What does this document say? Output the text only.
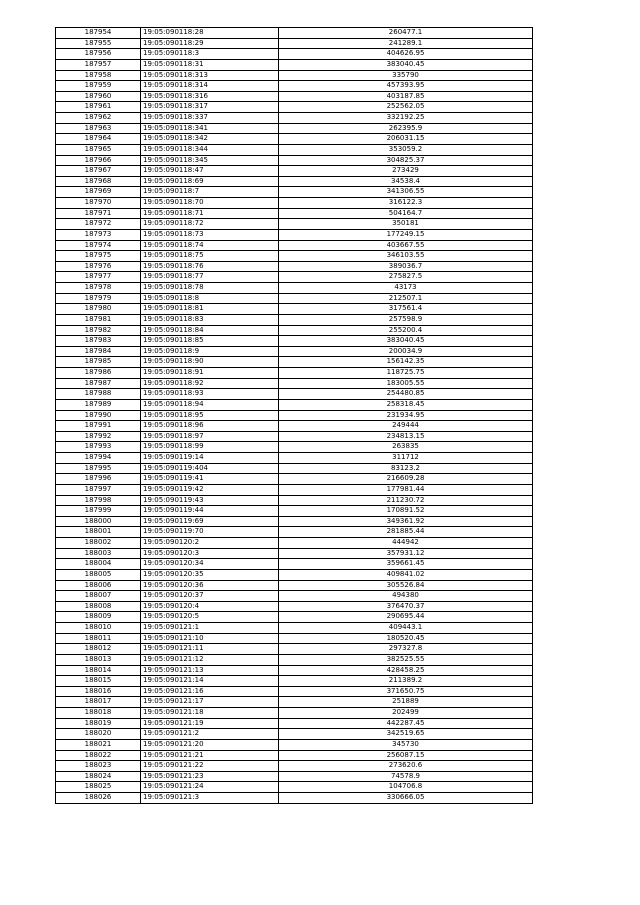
187954	19:05:090118:28	260477.1
187955	19:05:090118:29	241289.1
187956	19:05:090118:3	404626.95
187957	19:05:090118:31	383040.45
187958	19:05:090118:313	335790
187959	19:05:090118:314	457393.95
187960	19:05:090118:316	403187.85
187961	19:05:090118:317	252562.05
187962	19:05:090118:337	332192.25
187963	19:05:090118:341	262395.9
187964	19:05:090118:342	206031.15
187965	19:05:090118:344	353059.2
187966	19:05:090118:345	304825.37
187967	19:05:090118:47	273429
187968	19:05:090118:69	34538.4
187969	19:05:090118:7	341306.55
187970	19:05:090118:70	316122.3
187971	19:05:090118:71	504164.7
187972	19:05:090118:72	350181
187973	19:05:090118:73	177249.15
187974	19:05:090118:74	403667.55
187975	19:05:090118:75	346103.55
187976	19:05:090118:76	389036.7
187977	19:05:090118:77	275827.5
187978	19:05:090118:78	43173
187979	19:05:090118:8	212507.1
187980	19:05:090118:81	317561.4
187981	19:05:090118:83	257598.9
187982	19:05:090118:84	255200.4
187983	19:05:090118:85	383040.45
187984	19:05:090118:9	200034.9
187985	19:05:090118:90	156142.35
187986	19:05:090118:91	118725.75
187987	19:05:090118:92	183005.55
187988	19:05:090118:93	254480.85
187989	19:05:090118:94	258318.45
187990	19:05:090118:95	231934.95
187991	19:05:090118:96	249444
187992	19:05:090118:97	234813.15
187993	19:05:090118:99	263835
187994	19:05:090119:14	311712
187995	19:05:090119:404	83123.2
187996	19:05:090119:41	216609.28
187997	19:05:090119:42	177981.44
187998	19:05:090119:43	211230.72
187999	19:05:090119:44	170891.52
188000	19:05:090119:69	349361.92
188001	19:05:090119:70	281885.44
188002	19:05:090120:2	444942
188003	19:05:090120:3	357931.12
188004	19:05:090120:34	359661.45
188005	19:05:090120:35	409841.02
188006	19:05:090120:36	305526.84
188007	19:05:090120:37	494380
188008	19:05:090120:4	376470.37
188009	19:05:090120:5	290695.44
188010	19:05:090121:1	409443.1
188011	19:05:090121:10	180520.45
188012	19:05:090121:11	297327.8
188013	19:05:090121:12	382525.55
188014	19:05:090121:13	428458.25
188015	19:05:090121:14	211389.2
188016	19:05:090121:16	371650.75
188017	19:05:090121:17	251889
188018	19:05:090121:18	202499
188019	19:05:090121:19	442287.45
188020	19:05:090121:2	342519.65
188021	19:05:090121:20	345730
188022	19:05:090121:21	256087.15
188023	19:05:090121:22	273620.6
188024	19:05:090121:23	74578.9
188025	19:05:090121:24	104706.8
188026	19:05:090121:3	330666.05
